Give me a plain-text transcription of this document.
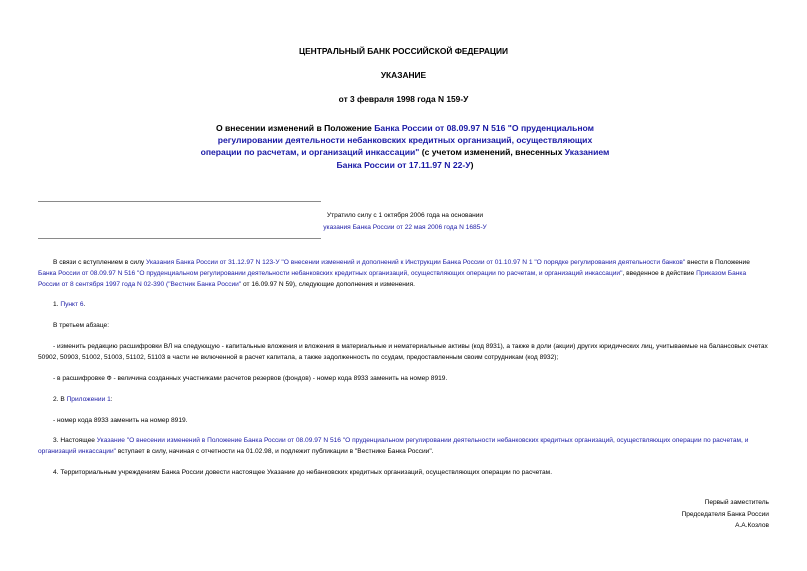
ЦЕНТРАЛЬНЫЙ БАНК РОССИЙСКОЙ ФЕДЕРАЦИИ
УКАЗАНИЕ
от 3 февраля 1998 года N 159-У
О внесении изменений в Положение Банка России от 08.09.97 N 516 "О пруденциальном регулировании деятельности небанковских кредитных организаций, осуществляющих операции по расчетам, и организаций инкассации" (с учетом изменений, внесенных Указанием Банка России от 17.11.97 N 22-У)
Утратило силу с 1 октября 2006 года на основании
указания Банка России от 22 мая 2006 года N 1685-У
В связи с вступлением в силу Указания Банка России от 31.12.97 N 123-У "О внесении изменений и дополнений к Инструкции Банка России от 01.10.97 N 1 "О порядке регулирования деятельности банков" внести в Положение Банка России от 08.09.97 N 516 "О пруденциальном регулировании деятельности небанковских кредитных организаций, осуществляющих операции по расчетам, и организаций инкассации", введенное в действие Приказом Банка России от 8 сентября 1997 года N 02-390 ("Вестник Банка России" от 16.09.97 N 59), следующие дополнения и изменения.
1. Пункт 6.
В третьем абзаце:
- изменить редакцию расшифровки ВЛ на следующую - капитальные вложения и вложения в материальные и нематериальные активы (код 8931), а также в доли (акции) других юридических лиц, учитываемые на балансовых счетах 50902, 50903, 51002, 51003, 51102, 51103 в части не включенной в расчет капитала, а также задолженность по ссудам, предоставленным своим сотрудникам (код 8932);
- в расшифровке Ф - величина созданных участниками расчетов резервов (фондов) - номер кода 8933 заменить на номер 8919.
2. В Приложении 1:
- номер кода 8933 заменить на номер 8919.
3. Настоящее Указание "О внесении изменений в Положение Банка России от 08.09.97 N 516 "О пруденциальном регулировании деятельности небанковских кредитных организаций, осуществляющих операции по расчетам, и организаций инкассации" вступает в силу, начиная с отчетности на 01.02.98, и подлежит публикации в "Вестнике Банка России".
4. Территориальным учреждениям Банка России довести настоящее Указание до небанковских кредитных организаций, осуществляющих операции по расчетам.
Первый заместитель
Председателя Банка России
А.А.Козлов
